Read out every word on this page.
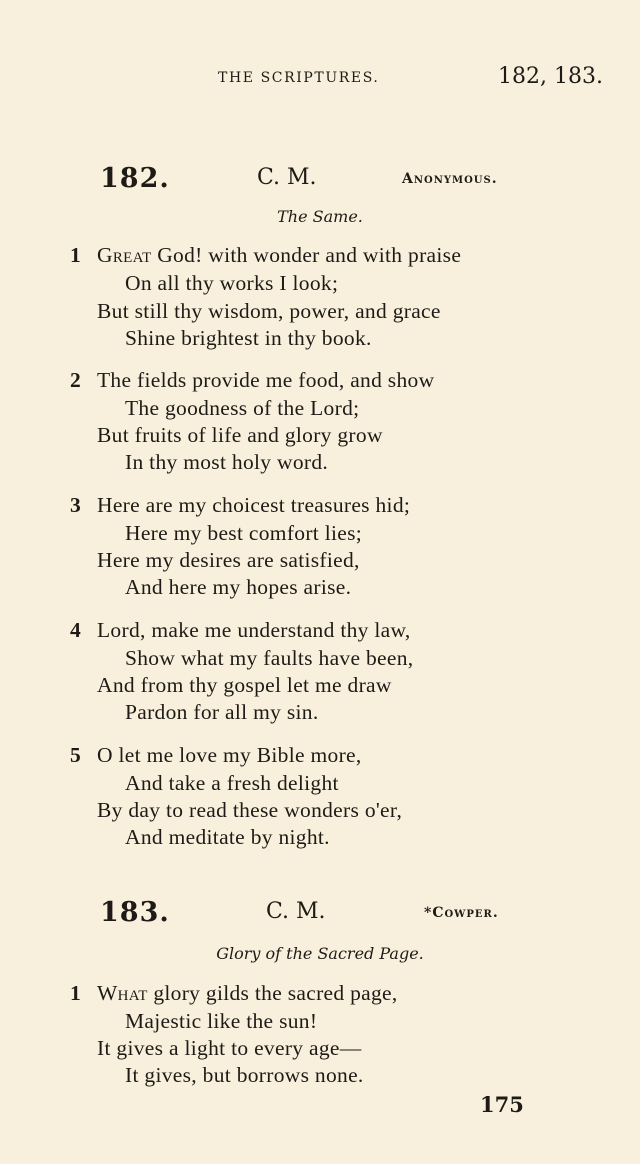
THE SCRIPTURES.	182, 183.
182.	C. M.	Anonymous.
The Same.
1 Great God! with wonder and with praise
On all thy works I look;
But still thy wisdom, power, and grace
Shine brightest in thy book.
2 The fields provide me food, and show
The goodness of the Lord;
But fruits of life and glory grow
In thy most holy word.
3 Here are my choicest treasures hid;
Here my best comfort lies;
Here my desires are satisfied,
And here my hopes arise.
4 Lord, make me understand thy law,
Show what my faults have been,
And from thy gospel let me draw
Pardon for all my sin.
5 O let me love my Bible more,
And take a fresh delight
By day to read these wonders o'er,
And meditate by night.
183.	C. M.	*Cowper.
Glory of the Sacred Page.
1 What glory gilds the sacred page,
Majestic like the sun!
It gives a light to every age—
It gives, but borrows none.
175
